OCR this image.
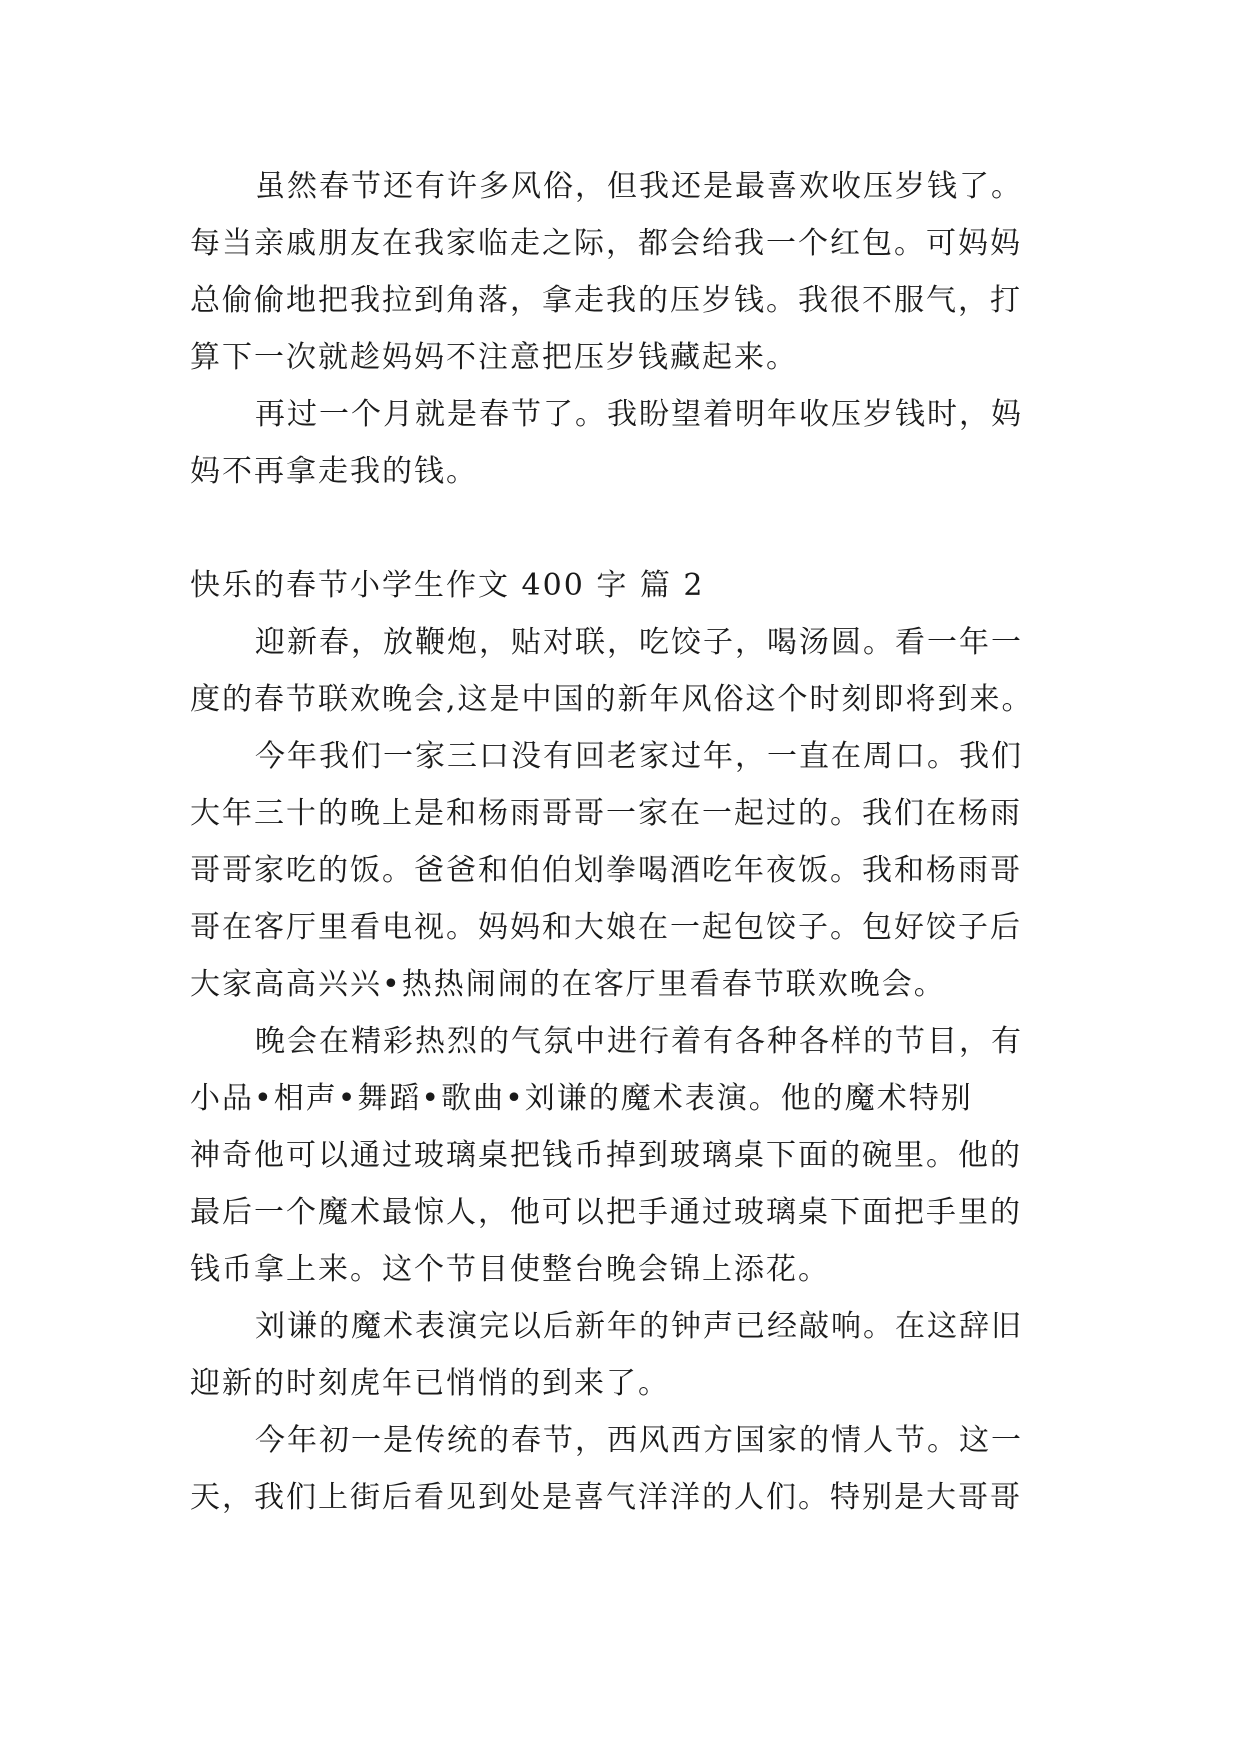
虽然春节还有许多风俗，但我还是最喜欢收压岁钱了。
每当亲戚朋友在我家临走之际，都会给我一个红包。可妈妈
总偷偷地把我拉到角落，拿走我的压岁钱。我很不服气，打
算下一次就趁妈妈不注意把压岁钱藏起来。
再过一个月就是春节了。我盼望着明年收压岁钱时，妈
妈不再拿走我的钱。
快乐的春节小学生作文 400 字 篇 2
迎新春，放鞭炮，贴对联，吃饺子，喝汤圆。看一年一
度的春节联欢晚会,这是中国的新年风俗这个时刻即将到来。
今年我们一家三口没有回老家过年，一直在周口。我们
大年三十的晚上是和杨雨哥哥一家在一起过的。我们在杨雨
哥哥家吃的饭。爸爸和伯伯划拳喝酒吃年夜饭。我和杨雨哥
哥在客厅里看电视。妈妈和大娘在一起包饺子。包好饺子后
大家高高兴兴•热热闹闹的在客厅里看春节联欢晚会。
晚会在精彩热烈的气氛中进行着有各种各样的节目，有
小品•相声•舞蹈•歌曲•刘谦的魔术表演。他的魔术特别
神奇他可以通过玻璃桌把钱币掉到玻璃桌下面的碗里。他的
最后一个魔术最惊人，他可以把手通过玻璃桌下面把手里的
钱币拿上来。这个节目使整台晚会锦上添花。
刘谦的魔术表演完以后新年的钟声已经敲响。在这辞旧
迎新的时刻虎年已悄悄的到来了。
今年初一是传统的春节，西风西方国家的情人节。这一
天，我们上街后看见到处是喜气洋洋的人们。特别是大哥哥
